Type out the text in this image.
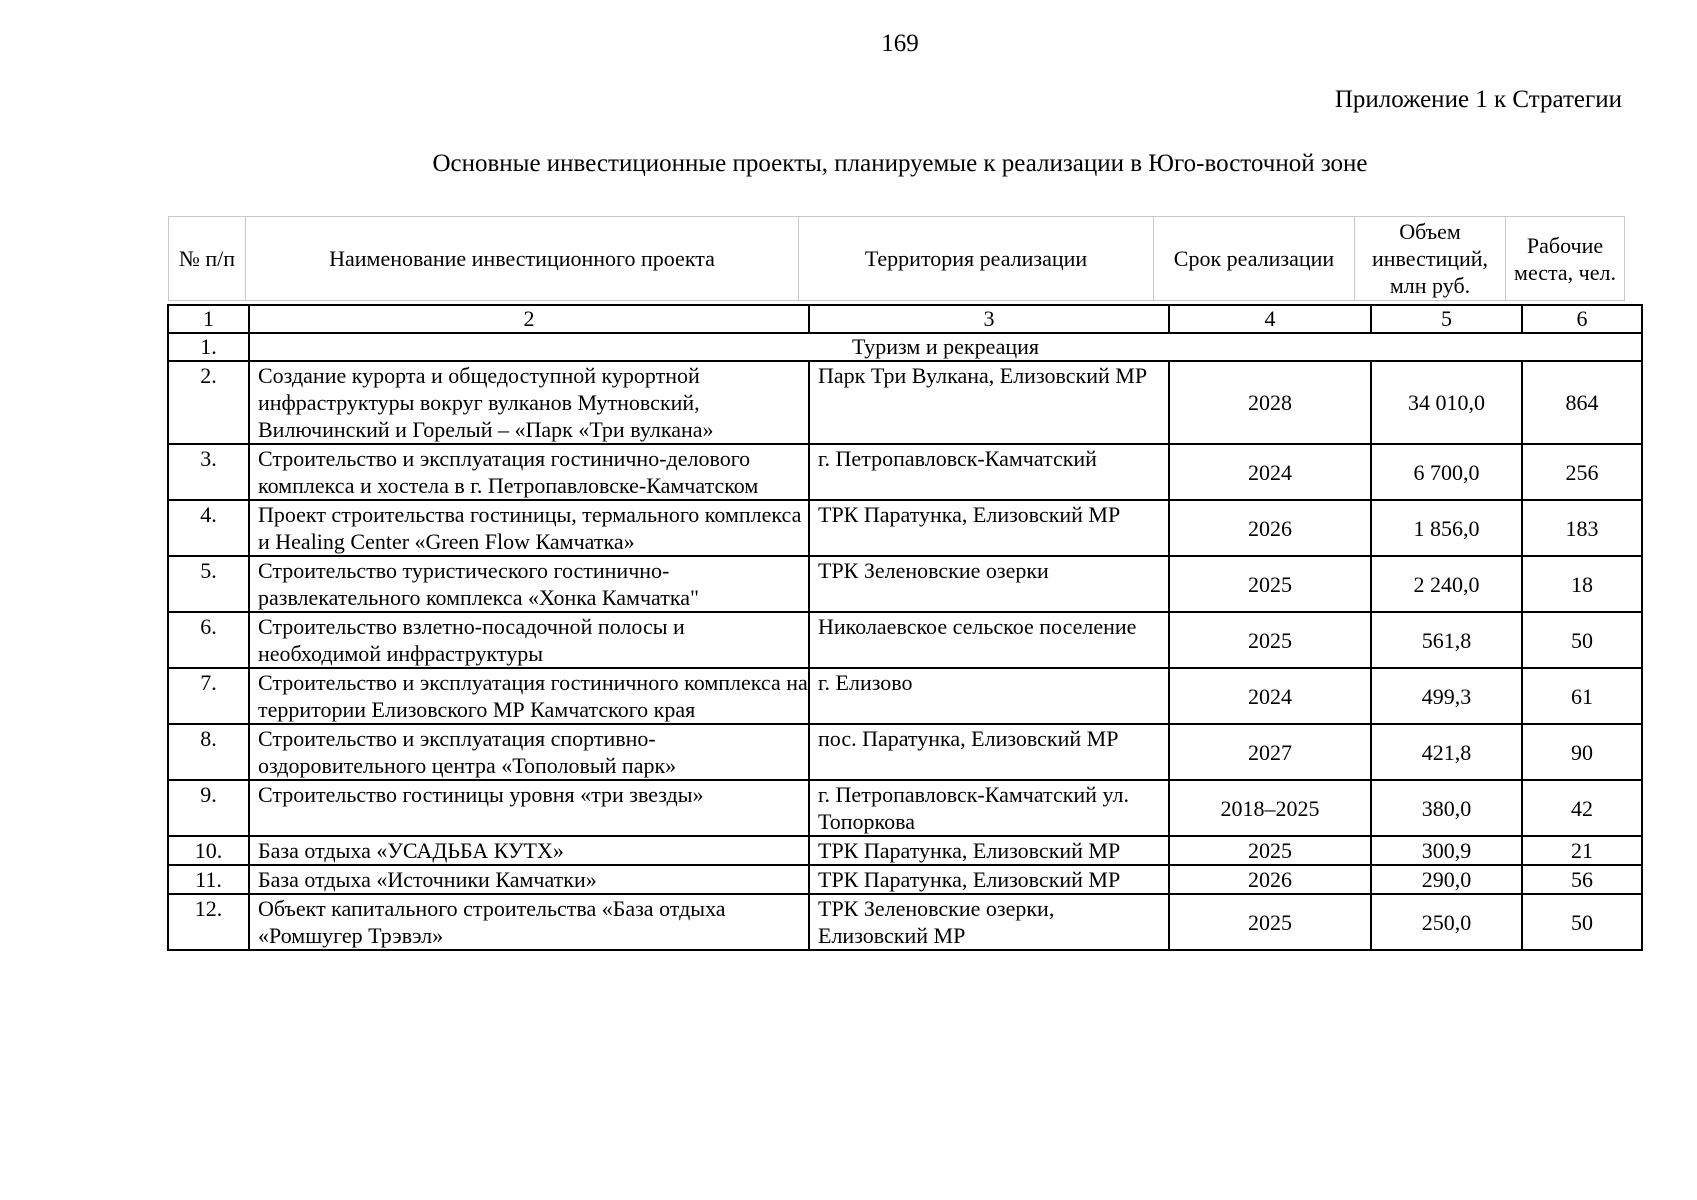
169
Приложение 1 к Стратегии
Основные инвестиционные проекты, планируемые к реализации в Юго-восточной зоне
№ п/п	Наименование инвестиционного проекта	Территория реализации	Срок реализации	Объем инвестиций, млн руб.	Рабочие места, чел.
1	2	3	4	5	6
1.	Туризм и рекреация				
2.	Создание курорта и общедоступной курортной инфраструктуры вокруг вулканов Мутновский, Вилючинский и Горелый – «Парк «Три вулкана»	Парк Три Вулкана, Елизовский МР	2028	34 010,0	864
3.	Строительство и эксплуатация гостинично-делового комплекса и хостела в г. Петропавловске-Камчатском	г. Петропавловск-Камчатский	2024	6 700,0	256
4.	Проект строительства гостиницы, термального комплекса и Healing Center «Green Flow Камчатка»	ТРК Паратунка, Елизовский МР	2026	1 856,0	183
5.	Строительство туристического гостинично-развлекательного комплекса «Хонка Камчатка"	ТРК Зеленовские озерки	2025	2 240,0	18
6.	Строительство взлетно-посадочной полосы и необходимой инфраструктуры	Николаевское сельское поселение	2025	561,8	50
7.	Строительство и эксплуатация гостиничного комплекса на территории Елизовского МР Камчатского края	г. Елизово	2024	499,3	61
8.	Строительство и эксплуатация спортивно-оздоровительного центра «Тополовый парк»	пос. Паратунка, Елизовский МР	2027	421,8	90
9.	Строительство гостиницы уровня «три звезды»	г. Петропавловск-Камчатский ул. Топоркова	2018–2025	380,0	42
10.	База отдыха «УСАДЬБА КУТХ»	ТРК Паратунка, Елизовский МР	2025	300,9	21
11.	База отдыха «Источники Камчатки»	ТРК Паратунка, Елизовский МР	2026	290,0	56
12.	Объект капитального строительства «База отдыха «Ромшугер Трэвэл»	ТРК Зеленовские озерки, Елизовский МР	2025	250,0	50
